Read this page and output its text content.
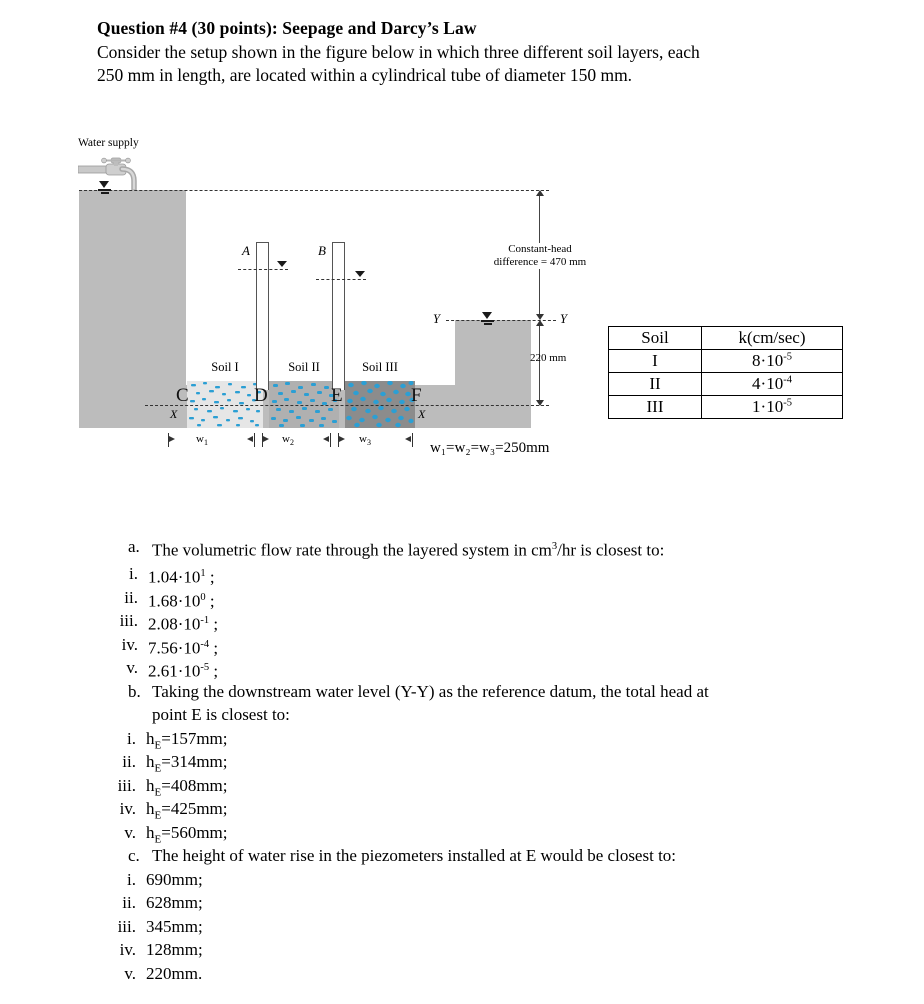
Question #4 (30 points): Seepage and Darcy’s Law
Consider the setup shown in the figure below in which three different soil layers, each
250 mm in length, are located within a cylindrical tube of diameter 150 mm.
Water supply
Soil I	Soil II	Soil III
A	B
X	X
C	D	E	F
Y	Y
Constant-head
difference = 470 mm
220 mm
$w_1$	$w_2$	$w_3$	w₁=w₂=w₃=250mm
Soil	k(cm/sec)
I	$8\cdot 10^{-5}$
II	$4\cdot 10^{-4}$
III	$1\cdot 10^{-5}$
a. The volumetric flow rate through the layered system in $cm^3/hr$ is closest to:
i. $1.04\cdot 10^1$ ;
ii. $1.68\cdot 10^0$ ;
iii. $2.08\cdot 10^{-1}$ ;
iv. $7.56\cdot 10^{-4}$ ;
v. $2.61\cdot 10^{-5}$ ;
b. Taking the downstream water level (Y-Y) as the reference datum, the total head at
point E is closest to:
i. $h_E=157mm$;
ii. $h_E=314mm$;
iii. $h_E=408mm$;
iv. $h_E=425mm$;
v. $h_E=560mm$;
c. The height of water rise in the piezometers installed at E would be closest to:
i. 690mm;
ii. 628mm;
iii. 345mm;
iv. 128mm;
v. 220mm.
